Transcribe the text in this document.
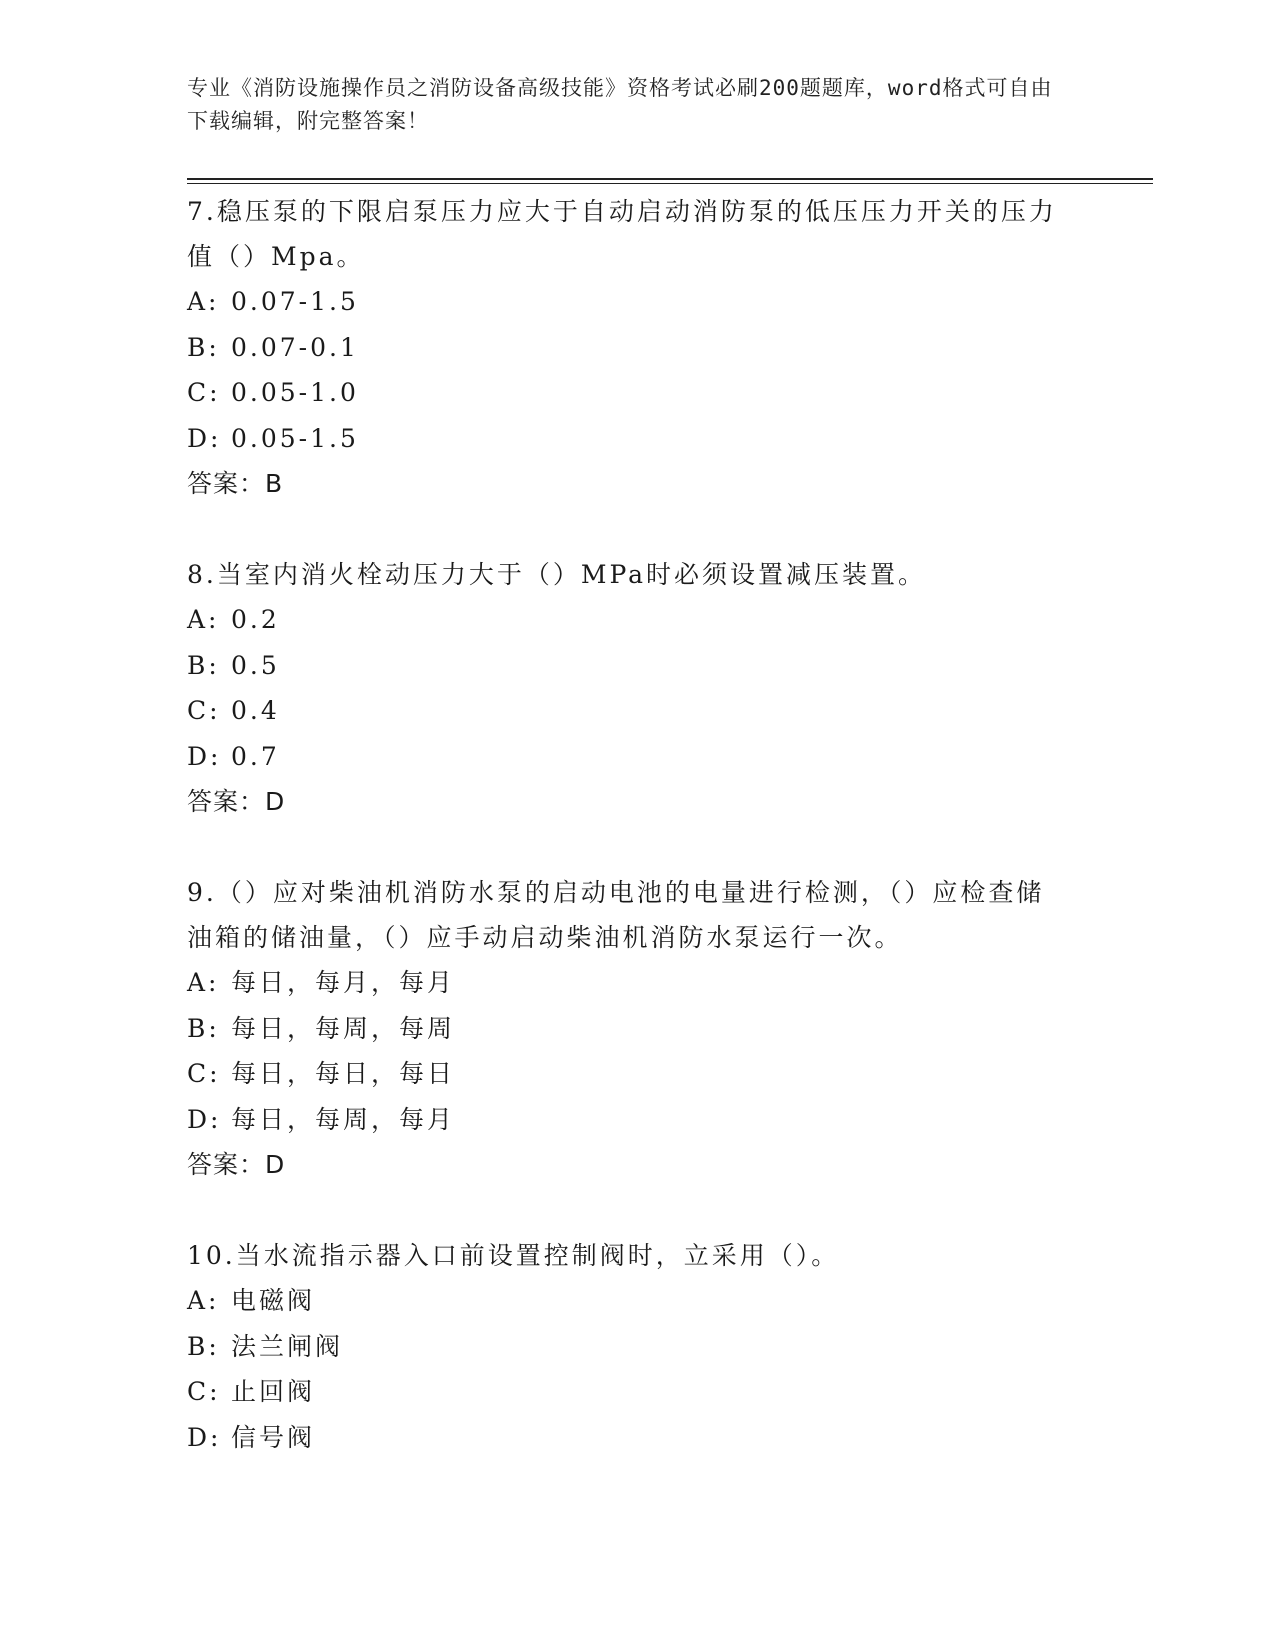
专业《消防设施操作员之消防设备高级技能》资格考试必刷200题题库，word格式可自由下载编辑，附完整答案！

7.稳压泵的下限启泵压力应大于自动启动消防泵的低压压力开关的压力值（）Mpa。

A: 0.07-1.5

B: 0.07-0.1

C: 0.05-1.0

D: 0.05-1.5

答案：B

8.当室内消火栓动压力大于（）MPa时必须设置减压装置。

A: 0.2

B: 0.5

C: 0.4

D: 0.7

答案：D

9.（）应对柴油机消防水泵的启动电池的电量进行检测，（）应检查储油箱的储油量，（）应手动启动柴油机消防水泵运行一次。

A: 每日，每月，每月

B: 每日，每周，每周

C: 每日，每日，每日

D: 每日，每周，每月

答案：D

10.当水流指示器入口前设置控制阀时，立采用（）。

A: 电磁阀

B: 法兰闸阀

C: 止回阀

D: 信号阀
